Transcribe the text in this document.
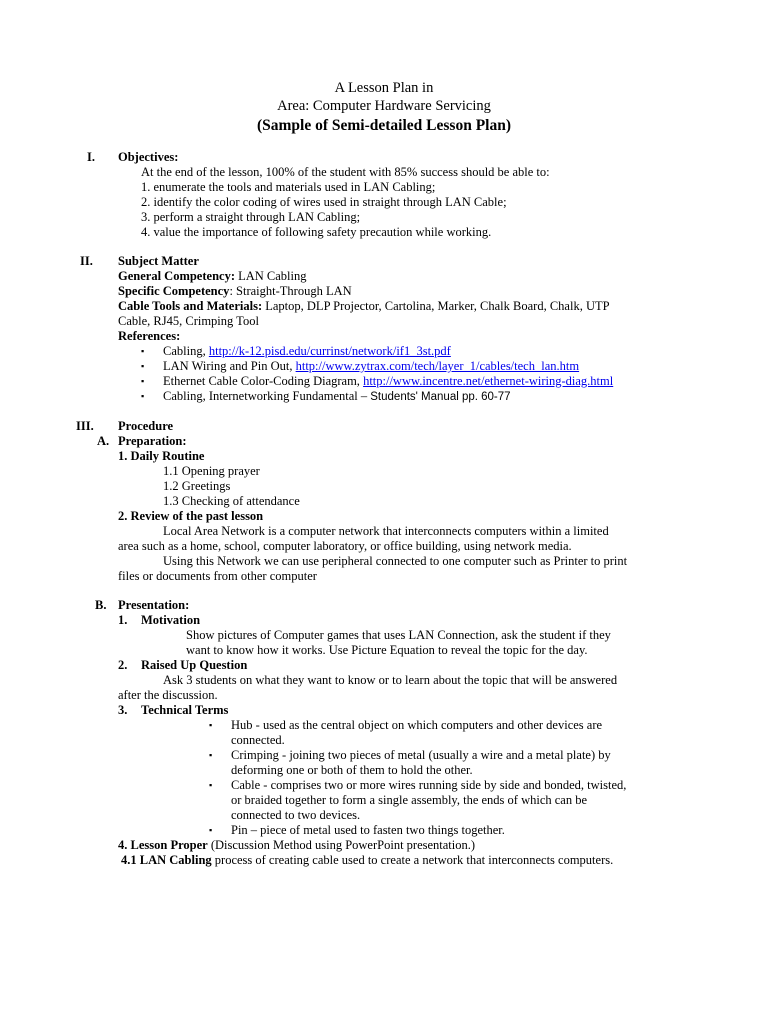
A Lesson Plan in
Area: Computer Hardware Servicing
(Sample of Semi-detailed Lesson Plan)
I. Objectives:
At the end of the lesson, 100% of the student with 85% success should be able to:
1. enumerate the tools and materials used in LAN Cabling;
2. identify the color coding of wires used in straight through LAN Cable;
3. perform a straight through LAN Cabling;
4. value the importance of following safety precaution while working.
II. Subject Matter
General Competency: LAN Cabling
Specific Competency: Straight-Through LAN
Cable Tools and Materials: Laptop, DLP Projector, Cartolina, Marker, Chalk Board, Chalk, UTP
Cable, RJ45, Crimping Tool
References:
▪ Cabling, http://k-12.pisd.edu/currinst/network/if1_3st.pdf
▪ LAN Wiring and Pin Out, http://www.zytrax.com/tech/layer_1/cables/tech_lan.htm
▪ Ethernet Cable Color-Coding Diagram, http://www.incentre.net/ethernet-wiring-diag.html
▪ Cabling, Internetworking Fundamental – Students' Manual pp. 60-77
III. Procedure
A. Preparation:
1. Daily Routine
1.1 Opening prayer
1.2 Greetings
1.3 Checking of attendance
2. Review of the past lesson
Local Area Network is a computer network that interconnects computers within a limited
area such as a home, school, computer laboratory, or office building, using network media.
Using this Network we can use peripheral connected to one computer such as Printer to print
files or documents from other computer
B. Presentation:
1. Motivation
Show pictures of Computer games that uses LAN Connection, ask the student if they
want to know how it works. Use Picture Equation to reveal the topic for the day.
2. Raised Up Question
Ask 3 students on what they want to know or to learn about the topic that will be answered
after the discussion.
3. Technical Terms
▪ Hub - used as the central object on which computers and other devices are
connected.
▪ Crimping - joining two pieces of metal (usually a wire and a metal plate) by
deforming one or both of them to hold the other.
▪ Cable - comprises two or more wires running side by side and bonded, twisted,
or braided together to form a single assembly, the ends of which can be
connected to two devices.
▪ Pin – piece of metal used to fasten two things together.
4. Lesson Proper (Discussion Method using PowerPoint presentation.)
4.1 LAN Cabling process of creating cable used to create a network that interconnects computers.
